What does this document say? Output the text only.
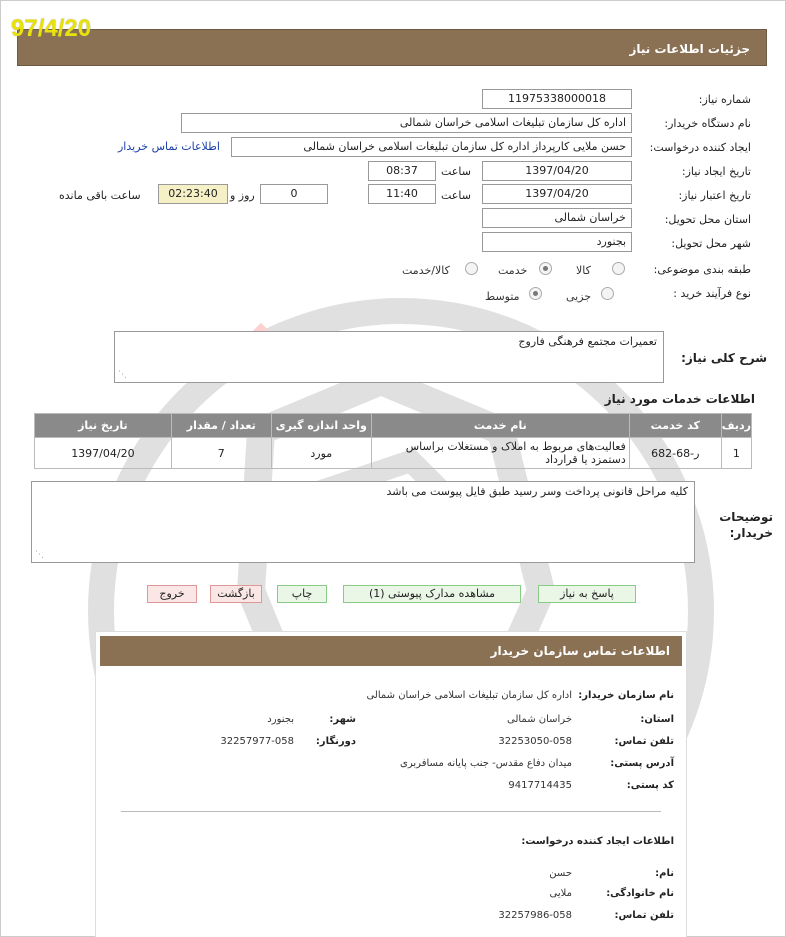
جزئیات اطلاعات نیاز
97/4/20
شماره نیاز:
11975338000018
نام دستگاه خریدار:
اداره کل سازمان تبلیغات اسلامی خراسان شمالی
ایجاد کننده درخواست:
حسن ملایی کارپرداز اداره کل سازمان تبلیغات اسلامی خراسان شمالی
اطلاعات تماس خریدار
تاریخ ایجاد نیاز:
1397/04/20
ساعت
08:37
تاریخ اعتبار نیاز:
1397/04/20
ساعت
11:40
0
روز و
02:23:40
ساعت باقی مانده
استان محل تحویل:
خراسان شمالی
شهر محل تحویل:
بجنورد
طبقه بندی موضوعی:
کالا
خدمت
کالا/خدمت
نوع فرآیند خرید :
جزیی
متوسط
شرح کلی نیاز:
تعمیرات مجتمع فرهنگی فاروج
⋰
اطلاعات خدمات مورد نیاز
ردیف	کد خدمت	نام خدمت	واحد اندازه گیری	تعداد / مقدار	تاریخ نیاز
1	ر-68-682	فعالیت‌های مربوط به املاک و مستغلات براساس دستمزد یا قرارداد	مورد	7	1397/04/20
توضیحات خریدار:
کلیه مراحل قانونی پرداخت وسر رسید طبق فایل پیوست می باشد
⋰
پاسخ به نیاز
مشاهده مدارک پیوستی (1)
چاپ
بازگشت
خروج
اطلاعات تماس سازمان خریدار
نام سازمان خریدار:
اداره کل سازمان تبلیغات اسلامی خراسان شمالی
استان:
خراسان شمالی
شهر:
بجنورد
تلفن تماس:
32253050-058
دورنگار:
32257977-058
آدرس پستی:
میدان دفاع مقدس- جنب پایانه مسافربری
کد پستی:
9417714435
اطلاعات ایجاد کننده درخواست:
نام:
حسن
نام خانوادگی:
ملایی
تلفن تماس:
32257986-058
